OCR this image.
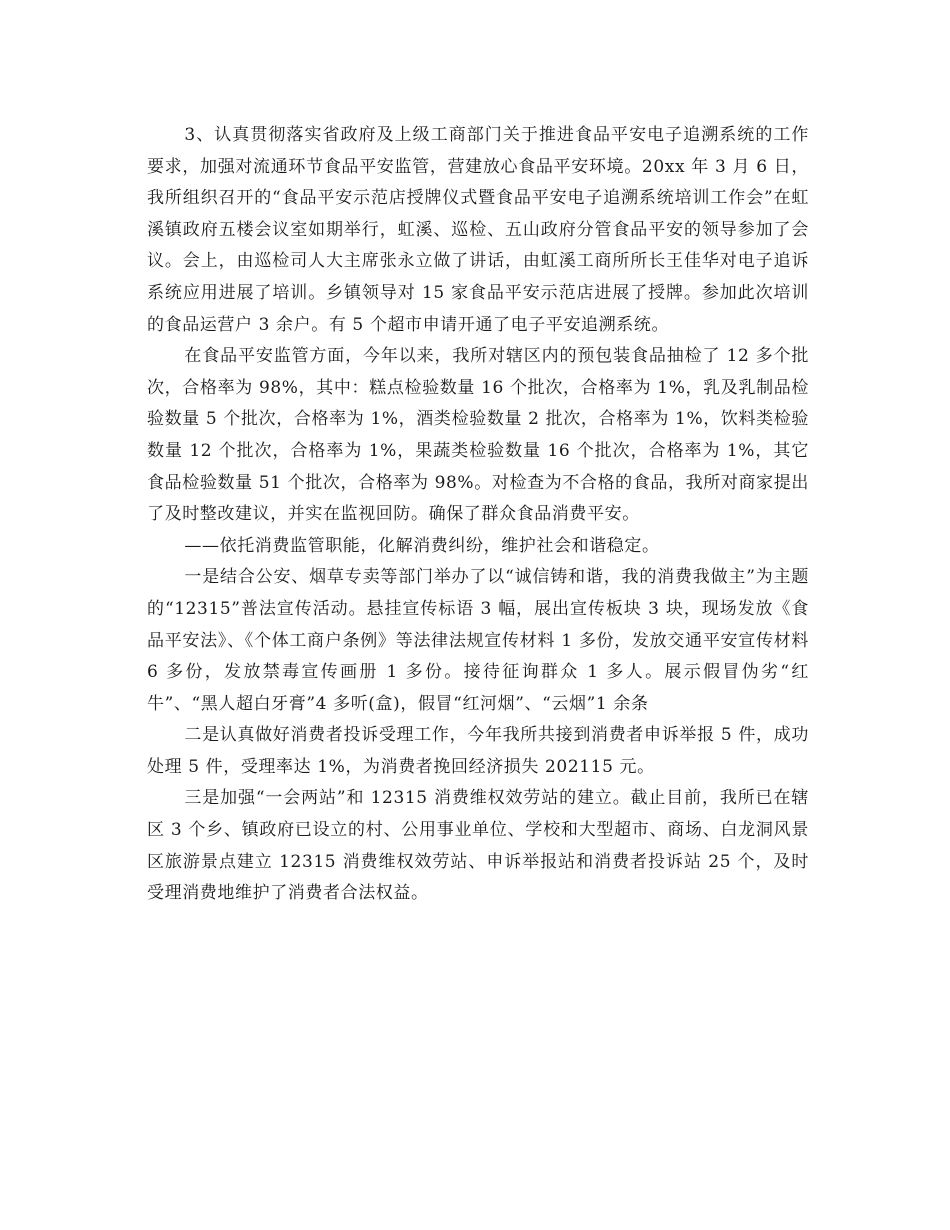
3、认真贯彻落实省政府及上级工商部门关于推进食品平安电子追溯系统的工作要求，加强对流通环节食品平安监管，营建放心食品平安环境。20xx 年 3 月 6 日，我所组织召开的“食品平安示范店授牌仪式暨食品平安电子追溯系统培训工作会”在虹溪镇政府五楼会议室如期举行，虹溪、巡检、五山政府分管食品平安的领导参加了会议。会上，由巡检司人大主席张永立做了讲话，由虹溪工商所所长王佳华对电子追诉系统应用进展了培训。乡镇领导对 15 家食品平安示范店进展了授牌。参加此次培训的食品运营户 3 余户。有 5 个超市申请开通了电子平安追溯系统。

在食品平安监管方面，今年以来，我所对辖区内的预包装食品抽检了 12 多个批次，合格率为 98%，其中：糕点检验数量 16 个批次，合格率为 1%，乳及乳制品检验数量 5 个批次，合格率为 1%，酒类检验数量 2 批次，合格率为 1%，饮料类检验数量 12 个批次，合格率为 1%，果蔬类检验数量 16 个批次，合格率为 1%，其它食品检验数量 51 个批次，合格率为 98%。对检查为不合格的食品，我所对商家提出了及时整改建议，并实在监视回防。确保了群众食品消费平安。

——依托消费监管职能，化解消费纠纷，维护社会和谐稳定。

一是结合公安、烟草专卖等部门举办了以“诚信铸和谐，我的消费我做主”为主题的“12315”普法宣传活动。悬挂宣传标语 3 幅，展出宣传板块 3 块，现场发放《食品平安法》、《个体工商户条例》等法律法规宣传材料 1 多份，发放交通平安宣传材料 6 多份，发放禁毒宣传画册 1 多份。接待征询群众 1 多人。展示假冒伪劣“红牛”、“黑人超白牙膏”4 多听(盒)，假冒“红河烟”、“云烟”1 余条

二是认真做好消费者投诉受理工作，今年我所共接到消费者申诉举报 5 件，成功处理 5 件，受理率达 1%，为消费者挽回经济损失 202115 元。

三是加强“一会两站”和 12315 消费维权效劳站的建立。截止目前，我所已在辖区 3 个乡、镇政府已设立的村、公用事业单位、学校和大型超市、商场、白龙洞风景区旅游景点建立 12315 消费维权效劳站、申诉举报站和消费者投诉站 25 个，及时受理消费地维护了消费者合法权益。
